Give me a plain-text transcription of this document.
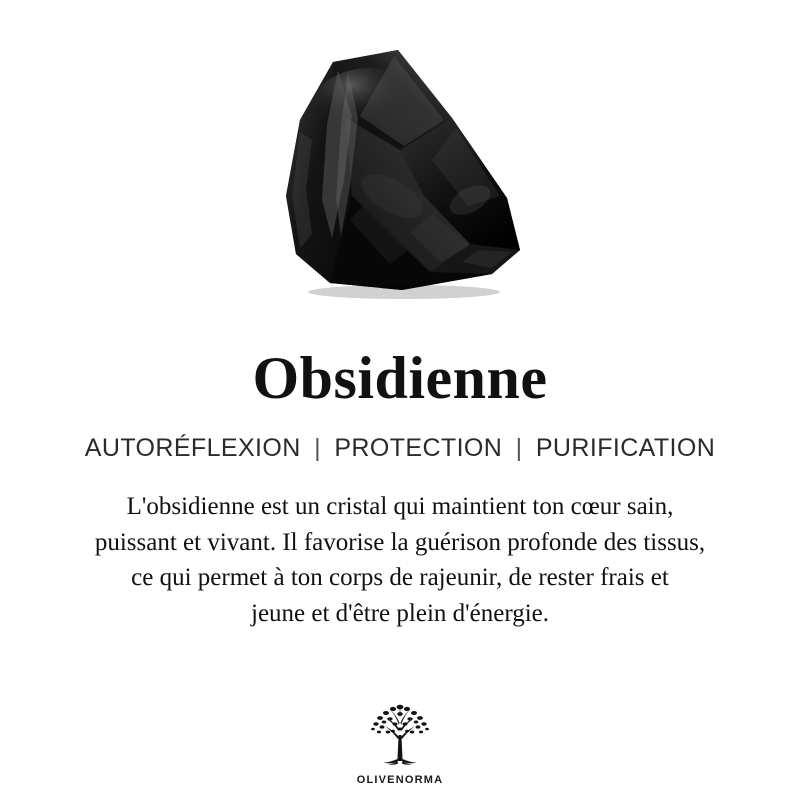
Obsidienne
AUTORÉFLEXION | PROTECTION | PURIFICATION
L'obsidienne est un cristal qui maintient ton cœur sain,
puissant et vivant. Il favorise la guérison profonde des tissus,
ce qui permet à ton corps de rajeunir, de rester frais et
jeune et d'être plein d'énergie.
OLIVENORMA
